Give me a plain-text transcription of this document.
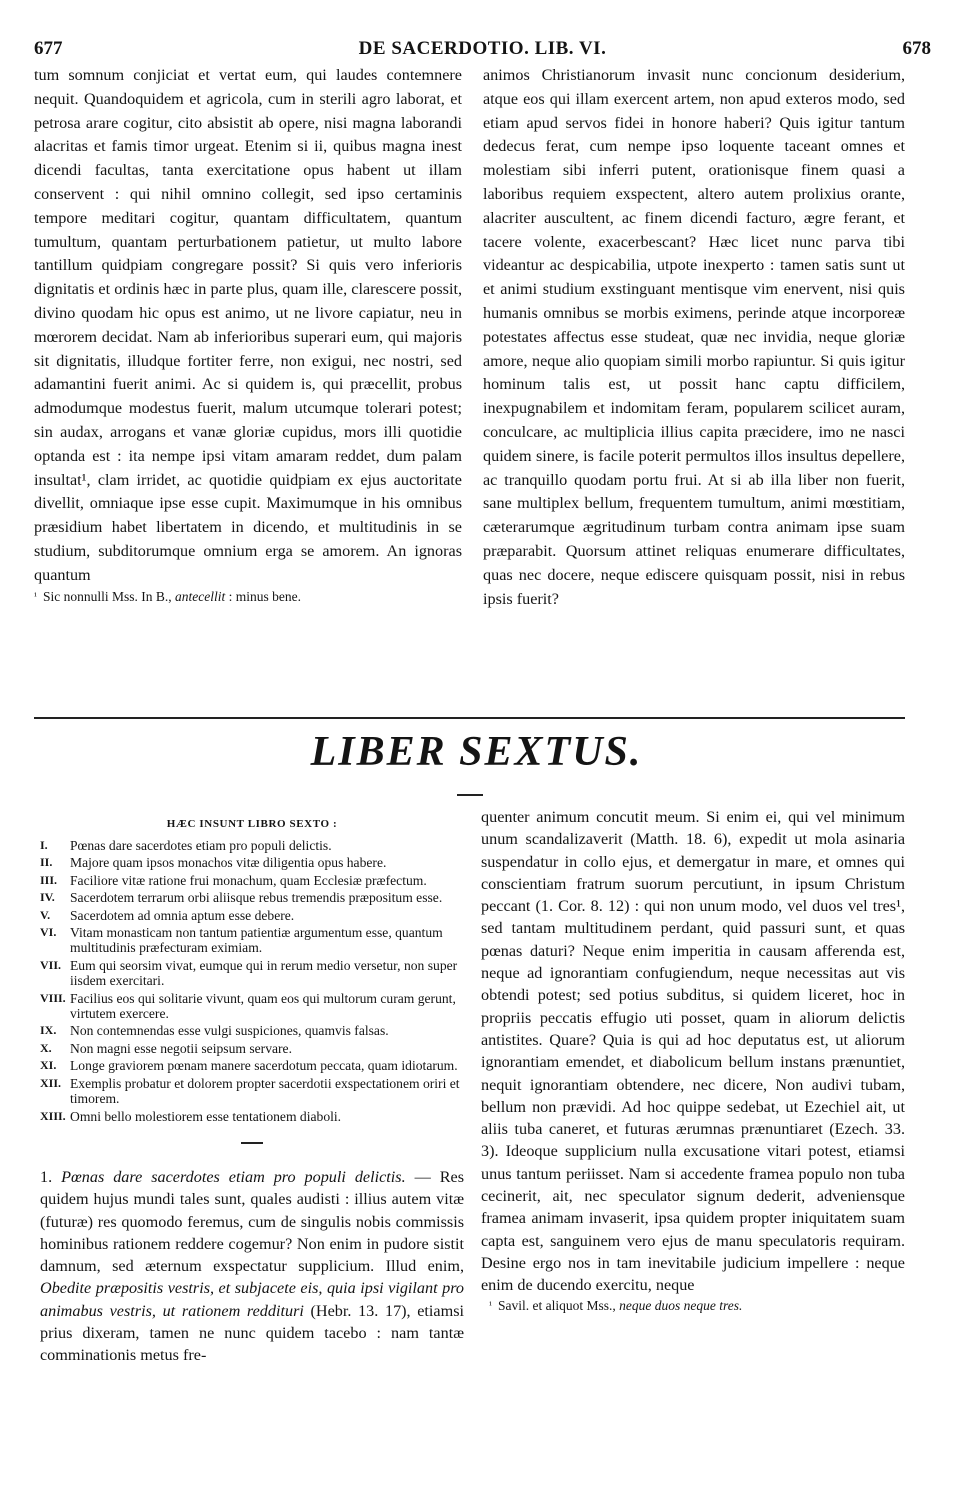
677	DE SACERDOTIO. LIB. VI.	678

tum somnum conjiciat et vertat eum, qui laudes contemnere nequit. Quandoquidem et agricola, cum in sterili agro laborat, et petrosa arare cogitur, cito absistit ab opere, nisi magna laborandi alacritas et famis timor urgeat. Etenim si ii, quibus magna inest dicendi facultas, tanta exercitatione opus habent ut illam conservent : qui nihil omnino collegit, sed ipso certaminis tempore meditari cogitur, quantam difficultatem, quantum tumultum, quantam perturbationem patietur, ut multo labore tantillum quidpiam congregare possit? Si quis vero inferioris dignitatis et ordinis hæc in parte plus, quam ille, clarescere possit, divino quodam hic opus est animo, ut ne livore capiatur, neu in mœrorem decidat. Nam ab inferioribus superari eum, qui majoris sit dignitatis, illudque fortiter ferre, non exigui, nec nostri, sed adamantini fuerit animi. Ac si quidem is, qui præcellit, probus admodumque modestus fuerit, malum utcumque tolerari potest; sin audax, arrogans et vanæ gloriæ cupidus, mors illi quotidie optanda est : ita nempe ipsi vitam amaram reddet, dum palam insultat¹, clam irridet, ac quotidie quidpiam ex ejus auctoritate divellit, omniaque ipse esse cupit. Maximumque in his omnibus præsidium habet libertatem in dicendo, et multitudinis in se studium, subditorumque omnium erga se amorem. An ignoras quantum

¹ Sic nonnulli Mss. In B., antecellit : minus bene.

animos Christianorum invasit nunc concionum desiderium, atque eos qui illam exercent artem, non apud exteros modo, sed etiam apud servos fidei in honore haberi? Quis igitur tantum dedecus ferat, cum nempe ipso loquente taceant omnes et molestiam sibi inferri putent, orationisque finem quasi a laboribus requiem exspectent, altero autem prolixius orante, alacriter auscultent, ac finem dicendi facturo, ægre ferant, et tacere volente, exacerbescant? Hæc licet nunc parva tibi videantur ac despicabilia, utpote inexperto : tamen satis sunt ut et animi studium exstinguant mentisque vim enervent, nisi quis humanis omnibus se morbis eximens, perinde atque incorporeæ potestates affectus esse studeat, quæ nec invidia, neque gloriæ amore, neque alio quopiam simili morbo rapiuntur. Si quis igitur hominum talis est, ut possit hanc captu difficilem, inexpugnabilem et indomitam feram, popularem scilicet auram, conculcare, ac multiplicia illius capita præcidere, imo ne nasci quidem sinere, is facile poterit permultos illos insultus depellere, ac tranquillo quodam portu frui. At si ab illa liber non fuerit, sane multiplex bellum, frequentem tumultum, animi mœstitiam, cæterarumque ægritudinum turbam contra animam ipse suam præparabit. Quorsum attinet reliquas enumerare difficultates, quas nec docere, neque ediscere quisquam possit, nisi in rebus ipsis fuerit?

LIBER SEXTUS.
HÆC INSUNT LIBRO SEXTO :
I.	Pœnas dare sacerdotes etiam pro populi delictis.
II.	Majore quam ipsos monachos vitæ diligentia opus habere.
III. Faciliore vitæ ratione frui monachum, quam Ecclesiæ præfectum.
IV.	Sacerdotem terrarum orbi aliisque rebus tremendis præpositum esse.
V.	Sacerdotem ad omnia aptum esse debere.
VI.	Vitam monasticam non tantum patientiæ argumentum esse, quantum multitudinis præfecturam eximiam.
VII. Eum qui seorsim vivat, eumque qui in rerum medio versetur, non super iisdem exercitari.
VIII. Facilius eos qui solitarie vivunt, quam eos qui multorum curam gerunt, virtutem exercere.
IX.	Non contemnendas esse vulgi suspiciones, quamvis falsas.
X.	Non magni esse negotii seipsum servare.
XI.	Longe graviorem pœnam manere sacerdotum peccata, quam idiotarum.
XII. Exemplis probatur et dolorem propter sacerdotii exspectationem oriri et timorem.
XIII. Omni bello molestiorem esse tentationem diaboli.

1. Pœnas dare sacerdotes etiam pro populi delictis. — Res quidem hujus mundi tales sunt, quales audisti : illius autem vitæ (futuræ) res quomodo feremus, cum de singulis nobis commissis hominibus rationem reddere cogemur? Non enim in pudore sistit damnum, sed æternum exspectatur supplicium. Illud enim, Obedite præpositis vestris, et subjacete eis, quia ipsi vigilant pro animabus vestris, ut rationem reddituri (Hebr. 13. 17), etiamsi prius dixeram, tamen ne nunc quidem tacebo : nam tantæ comminationis metus fre-

quenter animum concutit meum. Si enim ei, qui vel minimum unum scandalizaverit (Matth. 18. 6), expedit ut mola asinaria suspendatur in collo ejus, et demergatur in mare, et omnes qui conscientiam fratrum suorum percutiunt, in ipsum Christum peccant (1. Cor. 8. 12) : qui non unum modo, vel duos vel tres¹, sed tantam multitudinem perdant, quid passuri sunt, et quas pœnas daturi? Neque enim imperitia in causam afferenda est, neque ad ignorantiam confugiendum, neque necessitas aut vis obtendi potest; sed potius subditus, si quidem liceret, hoc in propriis peccatis effugio uti posset, quam in aliorum delictis antistites. Quare? Quia is qui ad hoc deputatus est, ut aliorum ignorantiam emendet, et diabolicum bellum instans prænuntiet, nequit ignorantiam obtendere, nec dicere, Non audivi tubam, bellum non prævidi. Ad hoc quippe sedebat, ut Ezechiel ait, ut aliis tuba caneret, et futuras ærumnas prænuntiaret (Ezech. 33. 3). Ideoque supplicium nulla excusatione vitari potest, etiamsi unus tantum periisset. Nam si accedente framea populo non tuba cecinerit, ait, nec speculator signum dederit, adveniensque framea animam invaserit, ipsa quidem propter iniquitatem suam capta est, sanguinem vero ejus de manu speculatoris requiram. Desine ergo nos in tam inevitabile judicium impellere : neque enim de ducendo exercitu, neque

¹ Savil. et aliquot Mss., neque duos neque tres.
